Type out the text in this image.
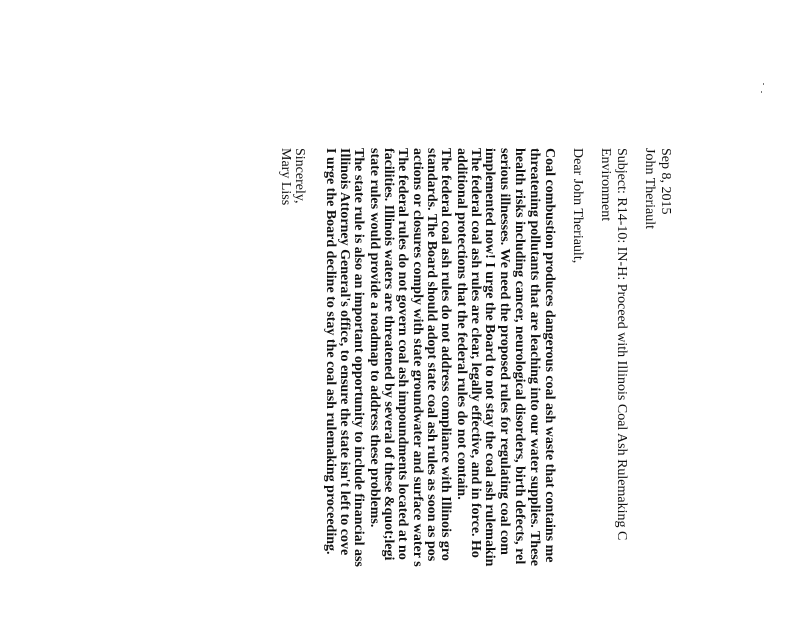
Sep 8, 2015
John Theriault
Subject: R14-10: IN-H: Proceed with Illinois Coal Ash Rulemaking C
Environment
Dear John Theriault,
Coal combustion produces dangerous coal ash waste that contains me
threatening pollutants that are leaching into our water supplies. These
health risks including cancer, neurological disorders, birth defects, rel
serious illnesses. We need the proposed rules for regulating coal com
implemented now! I urge the Board to not stay the coal ash rulemakin
The federal coal ash rules are clear, legally effective, and in force. Ho
additional protections that the federal rules do not contain.
The federal coal ash rules do not address compliance with Illinois gro
standards. The Board should adopt state coal ash rules as soon as pos
actions or closures comply with state groundwater and surface water s
The federal rules do not govern coal ash impoundments located at no
facilities. Illinois waters are threatened by several of these &quot;legi
state rules would provide a roadmap to address these problems.
The state rule is also an important opportunity to include financial ass
Illinois Attorney General's office, to ensure the state isn't left to cove
I urge the Board decline to stay the coal ash rulemaking proceeding.
Sincerely,
Mary Liss
